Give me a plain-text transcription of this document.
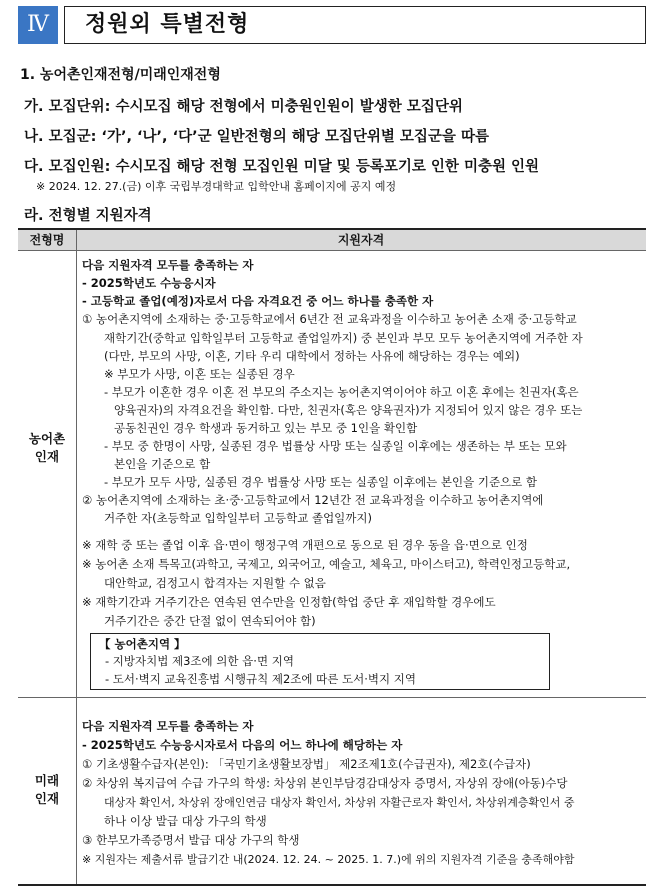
Ⅳ	정원외 특별전형
1. 농어촌인재전형/미래인재전형
가. 모집단위: 수시모집 해당 전형에서 미충원인원이 발생한 모집단위
나. 모집군: ‘가’, ‘나’, ‘다’군 일반전형의 해당 모집단위별 모집군을 따름
다. 모집인원: 수시모집 해당 전형 모집인원 미달 및 등록포기로 인한 미충원 인원
※ 2024. 12. 27.(금) 이후 국립부경대학교 입학안내 홈페이지에 공지 예정
라. 전형별 지원자격
전형명	지원자격
농어촌
인재
다음 지원자격 모두를 충족하는 자
- 2025학년도 수능응시자
- 고등학교 졸업(예정)자로서 다음 자격요건 중 어느 하나를 충족한 자
① 농어촌지역에 소재하는 중·고등학교에서 6년간 전 교육과정을 이수하고 농어촌 소재 중·고등학교
재학기간(중학교 입학일부터 고등학교 졸업일까지) 중 본인과 부모 모두 농어촌지역에 거주한 자
(다만, 부모의 사망, 이혼, 기타 우리 대학에서 정하는 사유에 해당하는 경우는 예외)
※ 부모가 사망, 이혼 또는 실종된 경우
- 부모가 이혼한 경우 이혼 전 부모의 주소지는 농어촌지역이어야 하고 이혼 후에는 친권자(혹은
양육권자)의 자격요건을 확인함. 다만, 친권자(혹은 양육권자)가 지정되어 있지 않은 경우 또는
공동친권인 경우 학생과 동거하고 있는 부모 중 1인을 확인함
- 부모 중 한명이 사망, 실종된 경우 법률상 사망 또는 실종일 이후에는 생존하는 부 또는 모와
본인을 기준으로 함
- 부모가 모두 사망, 실종된 경우 법률상 사망 또는 실종일 이후에는 본인을 기준으로 함
② 농어촌지역에 소재하는 초·중·고등학교에서 12년간 전 교육과정을 이수하고 농어촌지역에
거주한 자(초등학교 입학일부터 고등학교 졸업일까지)
※ 재학 중 또는 졸업 이후 읍·면이 행정구역 개편으로 동으로 된 경우 동을 읍·면으로 인정
※ 농어촌 소재 특목고(과학고, 국제고, 외국어고, 예술고, 체육고, 마이스터고), 학력인정고등학교,
대안학교, 검정고시 합격자는 지원할 수 없음
※ 재학기간과 거주기간은 연속된 연수만을 인정함(학업 중단 후 재입학할 경우에도
거주기간은 중간 단절 없이 연속되어야 함)
【 농어촌지역 】
- 지방자치법 제3조에 의한 읍·면 지역
- 도서·벽지 교육진흥법 시행규칙 제2조에 따른 도서·벽지 지역
미래
인재
다음 지원자격 모두를 충족하는 자
- 2025학년도 수능응시자로서 다음의 어느 하나에 해당하는 자
① 기초생활수급자(본인): 「국민기초생활보장법」 제2조제1호(수급권자), 제2호(수급자)
② 차상위 복지급여 수급 가구의 학생: 차상위 본인부담경감대상자 증명서, 자상위 장애(아동)수당
대상자 확인서, 차상위 장애인연금 대상자 확인서, 차상위 자활근로자 확인서, 차상위계층확인서 중
하나 이상 발급 대상 가구의 학생
③ 한부모가족증명서 발급 대상 가구의 학생
※ 지원자는 제출서류 발급기간 내(2024. 12. 24. ~ 2025. 1. 7.)에 위의 지원자격 기준을 충족해야함
